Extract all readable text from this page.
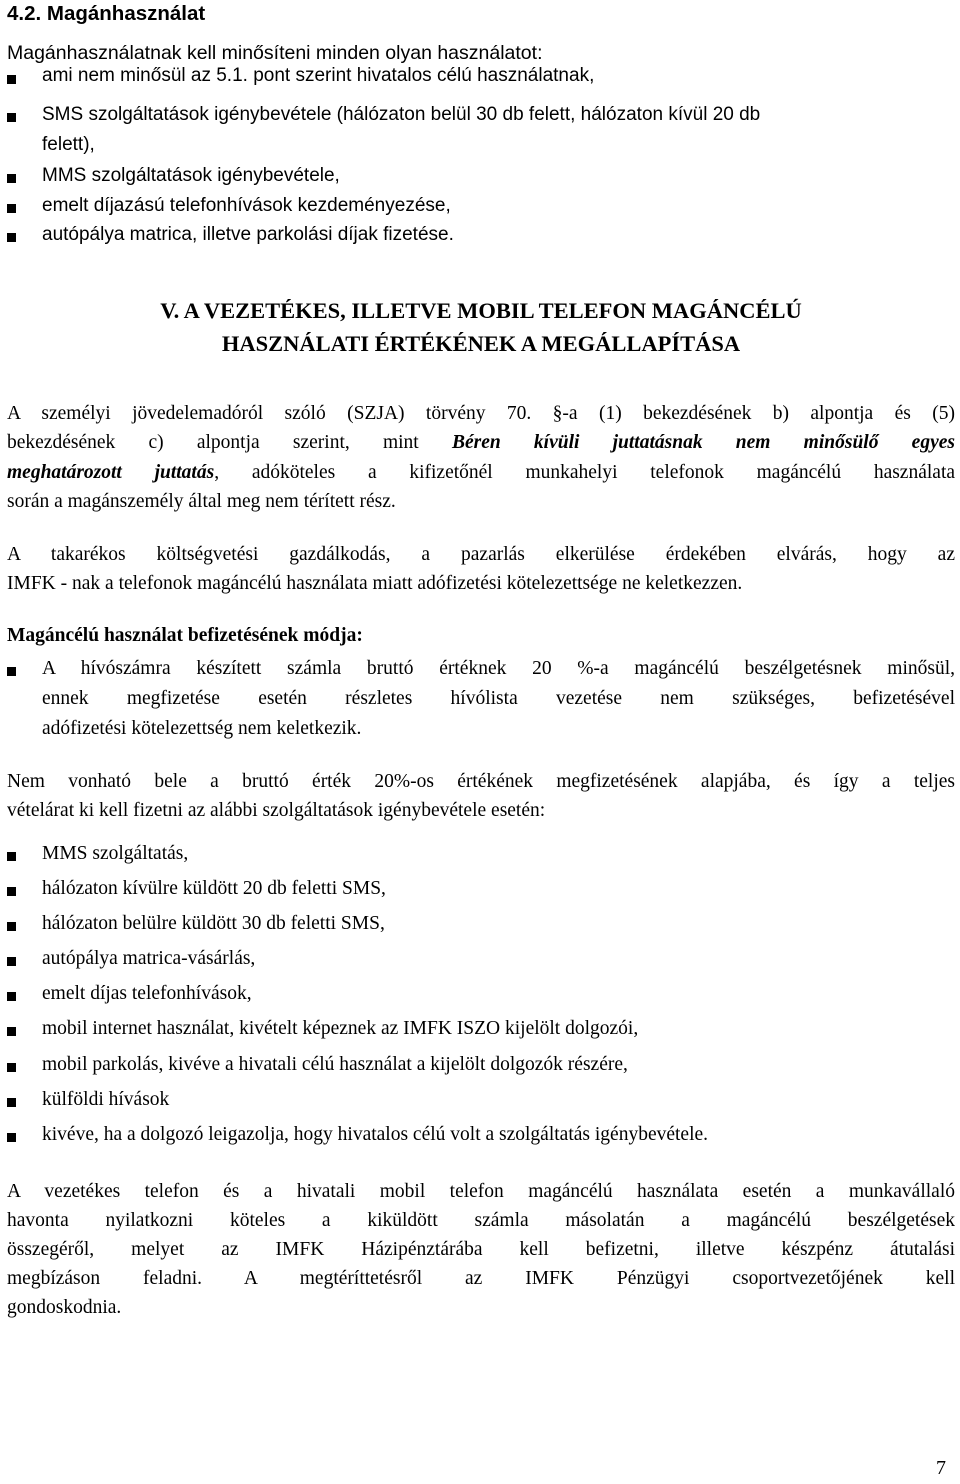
4.2. Magánhasználat
Magánhasználatnak kell minősíteni minden olyan használatot:
ami nem minősül az 5.1. pont szerint hivatalos célú használatnak,
SMS szolgáltatások igénybevétele (hálózaton belül 30 db felett, hálózaton kívül 20 db
felett),
MMS szolgáltatások igénybevétele,
emelt díjazású telefonhívások kezdeményezése,
autópálya matrica, illetve parkolási díjak fizetése.
V. A VEZETÉKES, ILLETVE MOBIL TELEFON MAGÁNCÉLÚ
HASZNÁLATI ÉRTÉKÉNEK A MEGÁLLAPÍTÁSA
A személyi jövedelemadóról szóló (SZJA) törvény 70. §-a (1) bekezdésének b) alpontja és (5)
bekezdésének c) alpontja szerint, mint Béren kívüli juttatásnak nem minősülő egyes
meghatározott juttatás, adóköteles a kifizetőnél munkahelyi telefonok magáncélú használata
során a magánszemély által meg nem térített rész.
A takarékos költségvetési gazdálkodás, a pazarlás elkerülése érdekében elvárás, hogy az
IMFK - nak a telefonok magáncélú használata miatt adófizetési kötelezettsége ne keletkezzen.
Magáncélú használat befizetésének módja:
A hívószámra készített számla bruttó értéknek 20 %-a magáncélú beszélgetésnek minősül,
ennek megfizetése esetén részletes hívólista vezetése nem szükséges, befizetésével
adófizetési kötelezettség nem keletkezik.
Nem vonható bele a bruttó érték 20%-os értékének megfizetésének alapjába, és így a teljes
vételárat ki kell fizetni az alábbi szolgáltatások igénybevétele esetén:
MMS szolgáltatás,
hálózaton kívülre küldött 20 db feletti SMS,
hálózaton belülre küldött 30 db feletti SMS,
autópálya matrica-vásárlás,
emelt díjas telefonhívások,
mobil internet használat, kivételt képeznek az IMFK ISZO kijelölt dolgozói,
mobil parkolás, kivéve a hivatali célú használat a kijelölt dolgozók részére,
külföldi hívások
kivéve, ha a dolgozó leigazolja, hogy hivatalos célú volt a szolgáltatás igénybevétele.
A vezetékes telefon és a hivatali mobil telefon magáncélú használata esetén a munkavállaló
havonta nyilatkozni köteles a kiküldött számla másolatán a magáncélú beszélgetések
összegéről, melyet az IMFK Házipénztárába kell befizetni, illetve készpénz átutalási
megbízáson feladni. A megtéríttetésről az IMFK Pénzügyi csoportvezetőjének kell
gondoskodnia.
7
